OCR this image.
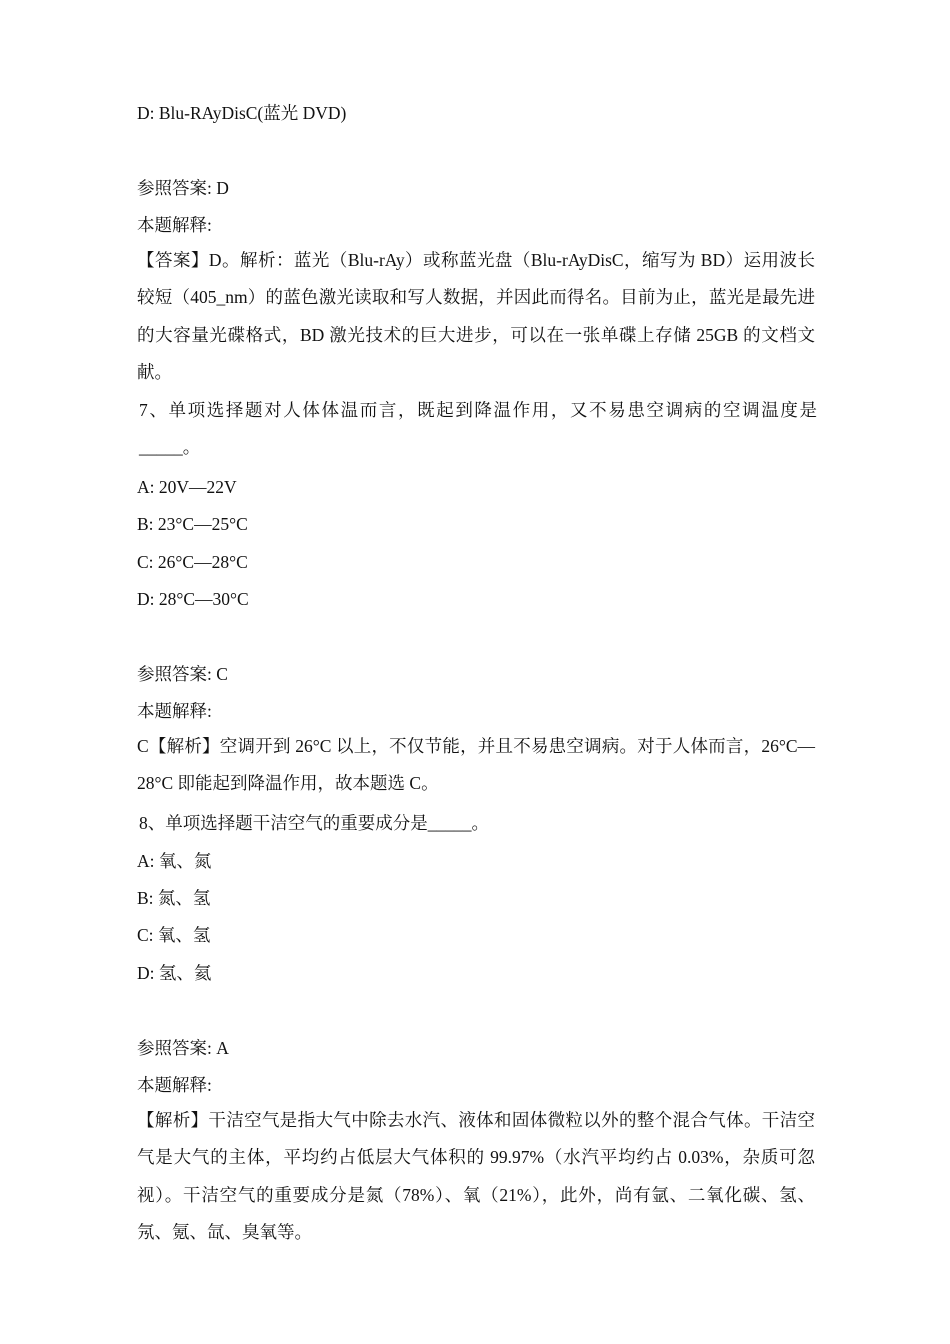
D: Blu-RAyDisC(蓝光 DVD)
参照答案: D
本题解释:
【答案】D。解析：蓝光（Blu-rAy）或称蓝光盘（Blu-rAyDisC，缩写为 BD）运用波长较短（405_nm）的蓝色激光读取和写人数据，并因此而得名。目前为止，蓝光是最先进的大容量光碟格式，BD 激光技术的巨大进步，可以在一张单碟上存储 25GB 的文档文献。
7、单项选择题对人体体温而言，既起到降温作用，又不易患空调病的空调温度是_____。
A: 20V—22V
B: 23°C—25°C
C: 26°C—28°C
D: 28°C—30°C
参照答案: C
本题解释:
C【解析】空调开到 26°C 以上，不仅节能，并且不易患空调病。对于人体而言，26°C—28°C 即能起到降温作用，故本题选 C。
8、单项选择题干洁空气的重要成分是_____。
A: 氧、氮
B: 氮、氢
C: 氧、氢
D: 氢、氦
参照答案: A
本题解释:
【解析】干洁空气是指大气中除去水汽、液体和固体微粒以外的整个混合气体。干洁空气是大气的主体，平均约占低层大气体积的 99.97%（水汽平均约占 0.03%，杂质可忽视）。干洁空气的重要成分是氮（78%）、氧（21%），此外，尚有氩、二氧化碳、氢、氖、氪、氙、臭氧等。
